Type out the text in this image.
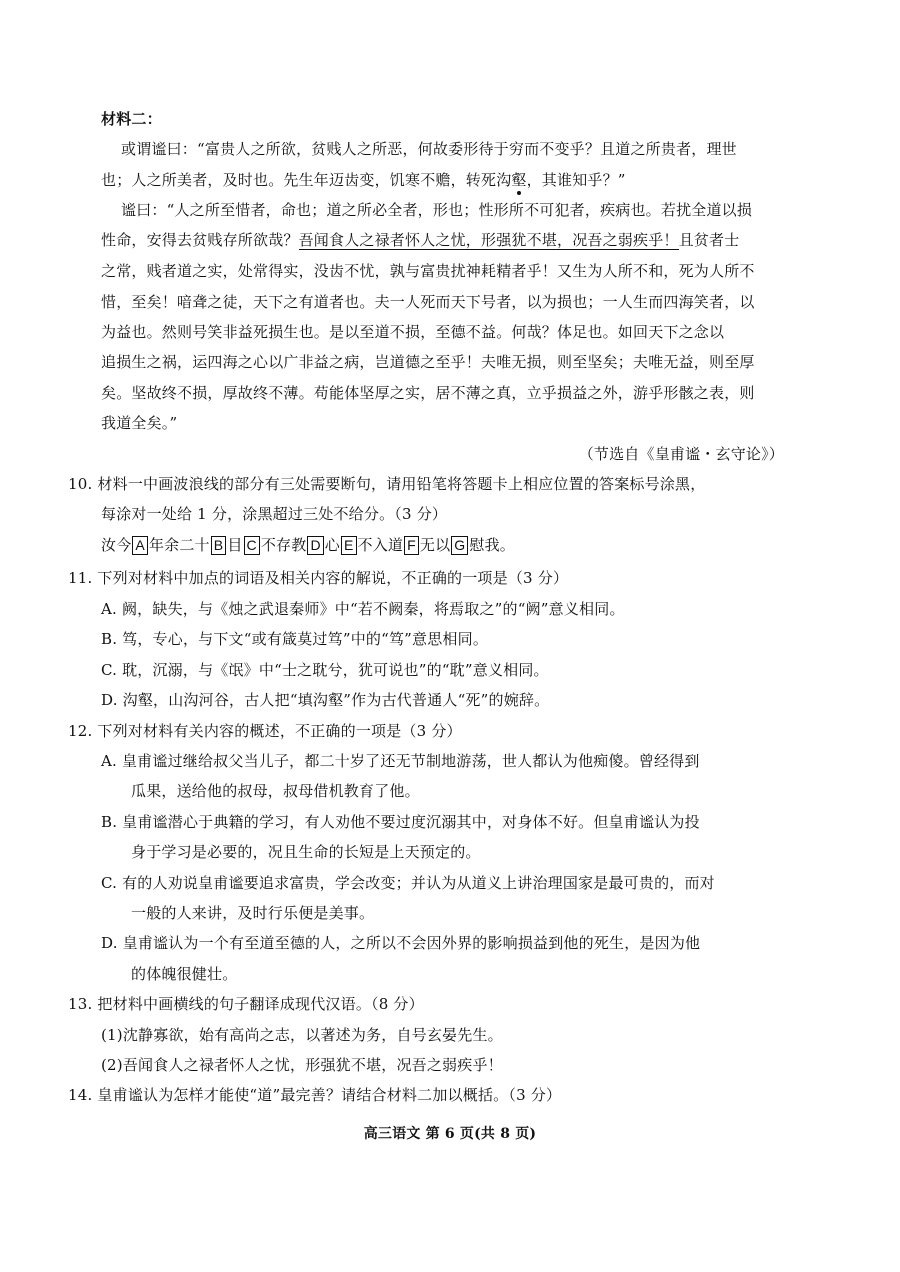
材料二：
或谓谧曰：“富贵人之所欲，贫贱人之所恶，何故委形待于穷而不变乎？且道之所贵者，理世
也；人之所美者，及时也。先生年迈齿变，饥寒不赡，转死沟壑，其谁知乎？”
谧曰：“人之所至惜者，命也；道之所必全者，形也；性形所不可犯者，疾病也。若扰全道以损
性命，安得去贫贱存所欲哉？吾闻食人之禄者怀人之忧，形强犹不堪，况吾之弱疾乎！且贫者士
之常，贱者道之实，处常得实，没齿不忧，孰与富贵扰神耗精者乎！又生为人所不和，死为人所不
惜，至矣！喑聋之徒，天下之有道者也。夫一人死而天下号者，以为损也；一人生而四海笑者，以
为益也。然则号笑非益死损生也。是以至道不损，至德不益。何哉？体足也。如回天下之念以
追损生之祸，运四海之心以广非益之病，岂道德之至乎！夫唯无损，则至坚矣；夫唯无益，则至厚
矣。坚故终不损，厚故终不薄。苟能体坚厚之实，居不薄之真，立乎损益之外，游乎形骸之表，则
我道全矣。”
（节选自《皇甫谧・玄守论》）
10. 材料一中画波浪线的部分有三处需要断句，请用铅笔将答题卡上相应位置的答案标号涂黑，
每涂对一处给 1 分，涂黑超过三处不给分。（3 分）
汝今 A 年余二十 B 目 C 不存教 D 心 E 不入道 F 无以 G 慰我。
11. 下列对材料中加点的词语及相关内容的解说，不正确的一项是（3 分）
A. 阙，缺失，与《烛之武退秦师》中“若不阙秦，将焉取之”的“阙”意义相同。
B. 笃，专心，与下文“或有箴莫过笃”中的“笃”意思相同。
C. 耽，沉溺，与《氓》中“士之耽兮，犹可说也”的“耽”意义相同。
D. 沟壑，山沟河谷，古人把“填沟壑”作为古代普通人“死”的婉辞。
12. 下列对材料有关内容的概述，不正确的一项是（3 分）
A. 皇甫谧过继给叔父当儿子，都二十岁了还无节制地游荡，世人都认为他痴傻。曾经得到
瓜果，送给他的叔母，叔母借机教育了他。
B. 皇甫谧潜心于典籍的学习，有人劝他不要过度沉溺其中，对身体不好。但皇甫谧认为投
身于学习是必要的，况且生命的长短是上天预定的。
C. 有的人劝说皇甫谧要追求富贵，学会改变；并认为从道义上讲治理国家是最可贵的，而对
一般的人来讲，及时行乐便是美事。
D. 皇甫谧认为一个有至道至德的人，之所以不会因外界的影响损益到他的死生，是因为他
的体魄很健壮。
13. 把材料中画横线的句子翻译成现代汉语。（8 分）
(1)沈静寡欲，始有高尚之志，以著述为务，自号玄晏先生。
(2)吾闻食人之禄者怀人之忧，形强犹不堪，况吾之弱疾乎！
14. 皇甫谧认为怎样才能使“道”最完善？请结合材料二加以概括。（3 分）
高三语文 第 6 页(共 8 页)
